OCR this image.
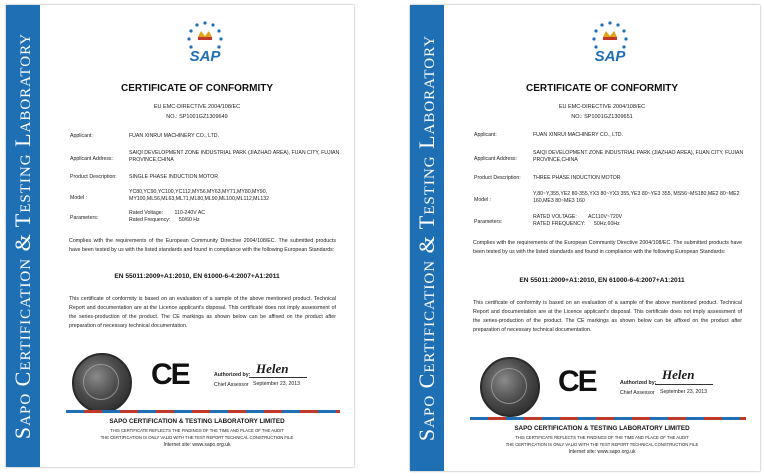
Sapo Certification & Testing Laboratory	SAP
CERTIFICATE OF CONFORMITY
EU EMC-DIRECTIVE 2004/108/EC
NO.: SP1001GZ1309649
Applicant:	FUAN XINRUI MACHINERY CO., LTD.
Applicant Address:
SAIQI DEVELOPMENT ZONE INDUSTRIAL PARK (JIAZHAO AREA), FUAN CITY, FUJIAN PROVINCE,CHINA
Product Description:	SINGLE PHASE INDUCTION MOTOR
Model :
YC80,YC90,YC100,YC112,MY56,MY63,MY71,MY80,MY90, MY100,ML56,ML63,ML71,ML80,ML90,ML100,ML112,ML132
Parameters:
Rated Voltage:        110-240V AC
Rated Frequency:      50/60 Hz
Complies with the requirements of the European Community Directive 2004/108/EC. The submitted products have been tested by us with the listed standards and found in compliance with the following European Standards:
EN 55011:2009+A1:2010, EN 61000-6-4:2007+A1:2011
This certificate of conformity is based on an evaluation of a sample of the above mentioned product. Technical Report and documentation are at the Licence applicant's disposal. This certificate does not imply assessment of the series-production of the product. The CE markings as shown below can be affixed on the product after preparation of necessary technical documentation.
CE	Authorized by: Helen
Chief Assessor September 23, 2013
SAPO CERTIFICATION & TESTING LABORATORY LIMITED
THIS CERTIFICATE REFLECTS THE FINDINGS OF THE TIME AND PLACE OF THE AUDIT
THE CERTIFICATION IS ONLY VALID WITH THE TEST REPORT TECHNICAL CONSTRUCTION FILE
Internet site: www.sapo.org.uk
Sapo Certification & Testing Laboratory	SAP
CERTIFICATE OF CONFORMITY
EU EMC-DIRECTIVE 2004/108/EC
NO.: SP1001GZ1309651
Applicant:	FUAN XINRUI MACHINERY CO., LTD.
Applicant Address:
SAIQI DEVELOPMENT ZONE INDUSTRIAL PARK (JIAZHAO AREA), FUAN CITY, FUJIAN PROVINCE,CHINA
Product Description:	THREE PHASE INDUCTION MOTOR
Model :
Y,80~Y,355,YE2 80-355,YX3 80~YX3 355,YE3 80~YE3 355, MS56~MS180,ME2 80~ME2 160,ME3 80~ME3 160
Parameters:
RATED VOLTAGE:        AC110V~720V
RATED FREQUENCY:      50Hz,60Hz
Complies with the requirements of the European Community Directive 2004/108/EC. The submitted products have been tested by us with the listed standards and found in compliance with the following European Standards:
EN 55011:2009+A1:2010, EN 61000-6-4:2007+A1:2011
This certificate of conformity is based on an evaluation of a sample of the above mentioned product. Technical Report and documentation are at the Licence applicant's disposal. This certificate does not imply assessment of the series-production of the product. The CE markings as shown below can be affixed on the product after preparation of necessary technical documentation.
CE	Authorized by:
Helen
Chief Assessor September 23, 2013
SAPO CERTIFICATION & TESTING LABORATORY LIMITED
THIS CERTIFICATE REFLECTS THE FINDINGS OF THE TIME AND PLACE OF THE AUDIT
THE CERTIFICATION IS ONLY VALID WITH THE TEST REPORT TECHNICAL CONSTRUCTION FILE
Internet site: www.sapo.org.uk
